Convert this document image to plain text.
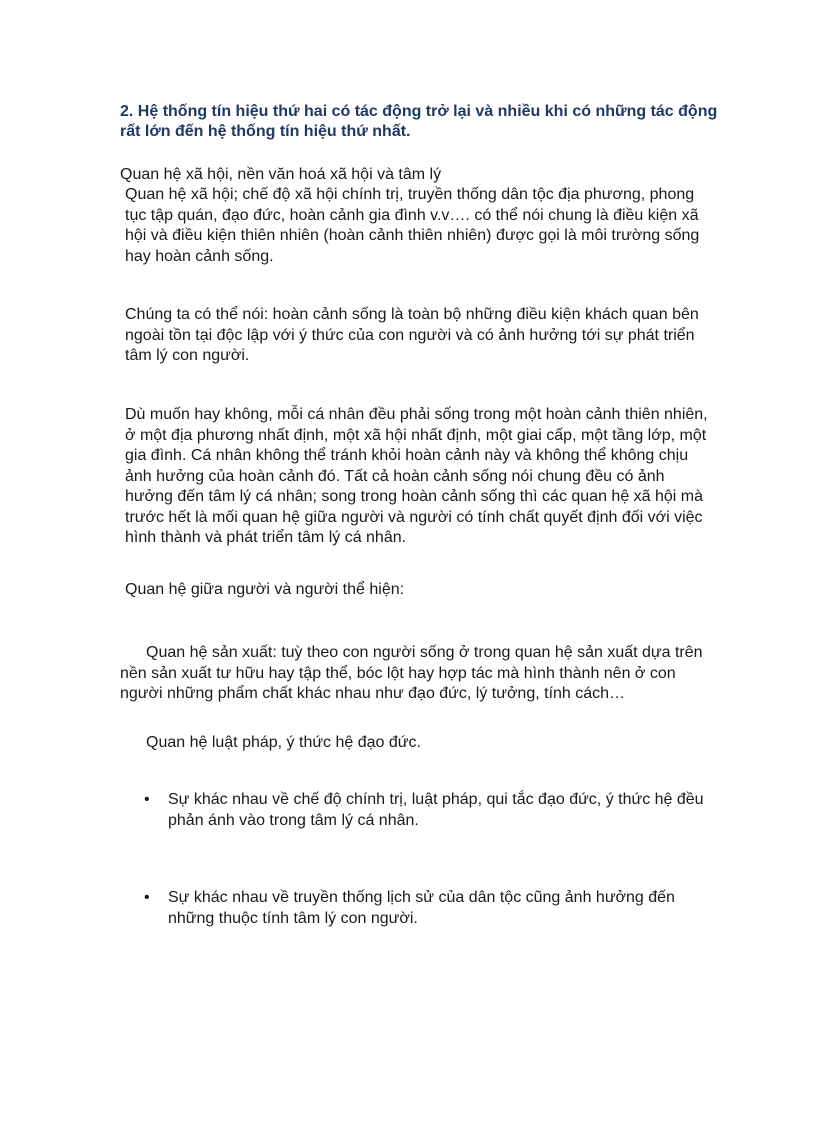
2. Hệ thống tín hiệu thứ hai có tác động trở lại và nhiều khi có những tác động rất lớn đến hệ thống tín hiệu thứ nhất.

Quan hệ xã hội, nền văn hoá xã hội và tâm lý

Quan hệ xã hội; chế độ xã hội chính trị, truyền thống dân tộc địa phương, phong tục tập quán, đạo đức, hoàn cảnh gia đình v.v…. có thể nói chung là điều kiện xã hội và điều kiện thiên nhiên (hoàn cảnh thiên nhiên) được gọi là môi trường sống hay hoàn cảnh sống.

Chúng ta có thể nói: hoàn cảnh sống là toàn bộ những điều kiện khách quan bên ngoài tồn tại độc lập với ý thức của con người và có ảnh hưởng tới sự phát triển tâm lý con người.

Dù muốn hay không, mỗi cá nhân đều phải sống trong một hoàn cảnh thiên nhiên, ở một địa phương nhất định, một xã hội nhất định, một giai cấp, một tầng lớp, một gia đình. Cá nhân không thể tránh khỏi hoàn cảnh này và không thể không chịu ảnh hưởng của hoàn cảnh đó. Tất cả hoàn cảnh sống nói chung đều có ảnh hưởng đến tâm lý cá nhân; song trong hoàn cảnh sống thì các quan hệ xã hội mà trước hết là mối quan hệ giữa người và người có tính chất quyết định đối với việc hình thành và phát triển tâm lý cá nhân.

Quan hệ giữa người và người thể hiện:

Quan hệ sản xuất: tuỳ theo con người sống ở trong quan hệ sản xuất dựa trên nền sản xuất tư hữu hay tập thể, bóc lột hay hợp tác mà hình thành nên ở con người những phẩm chất khác nhau như đạo đức, lý tưởng, tính cách…

Quan hệ luật pháp, ý thức hệ đạo đức.

•	Sự khác nhau về chế độ chính trị, luật pháp, qui tắc đạo đức, ý thức hệ đều phản ánh vào trong tâm lý cá nhân.
•	Sự khác nhau về truyền thống lịch sử của dân tộc cũng ảnh hưởng đến những thuộc tính tâm lý con người.
